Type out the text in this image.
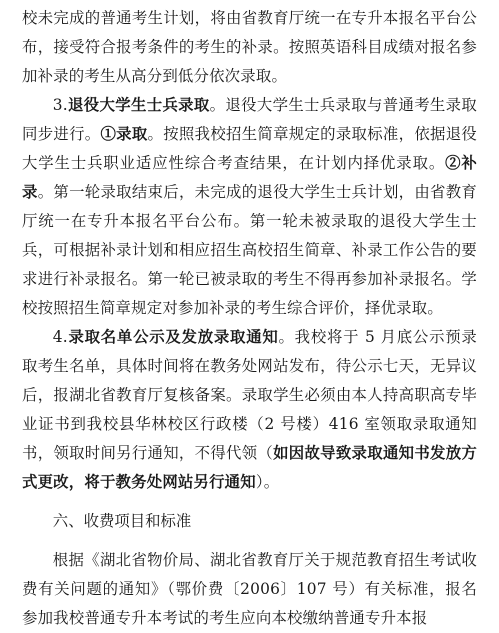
校未完成的普通考生计划，将由省教育厅统一在专升本报名平台公布，接受符合报考条件的考生的补录。按照英语科目成绩对报名参加补录的考生从高分到低分依次录取。

3.退役大学生士兵录取。退役大学生士兵录取与普通考生录取同步进行。①录取。按照我校招生简章规定的录取标准，依据退役大学生士兵职业适应性综合考查结果，在计划内择优录取。②补录。第一轮录取结束后，未完成的退役大学生士兵计划，由省教育厅统一在专升本报名平台公布。第一轮未被录取的退役大学生士兵，可根据补录计划和相应招生高校招生简章、补录工作公告的要求进行补录报名。第一轮已被录取的考生不得再参加补录报名。学校按照招生简章规定对参加补录的考生综合评价，择优录取。

4.录取名单公示及发放录取通知。我校将于 5 月底公示预录取考生名单，具体时间将在教务处网站发布，待公示七天，无异议后，报湖北省教育厅复核备案。录取学生必须由本人持高职高专毕业证书到我校县华林校区行政楼（2 号楼）416 室领取录取通知书，领取时间另行通知，不得代领（如因故导致录取通知书发放方式更改，将于教务处网站另行通知）。

六、收费项目和标准

根据《湖北省物价局、湖北省教育厅关于规范教育招生考试收费有关问题的通知》（鄂价费〔2006〕107 号）有关标准，报名参加我校普通专升本考试的考生应向本校缴纳普通专升本报
